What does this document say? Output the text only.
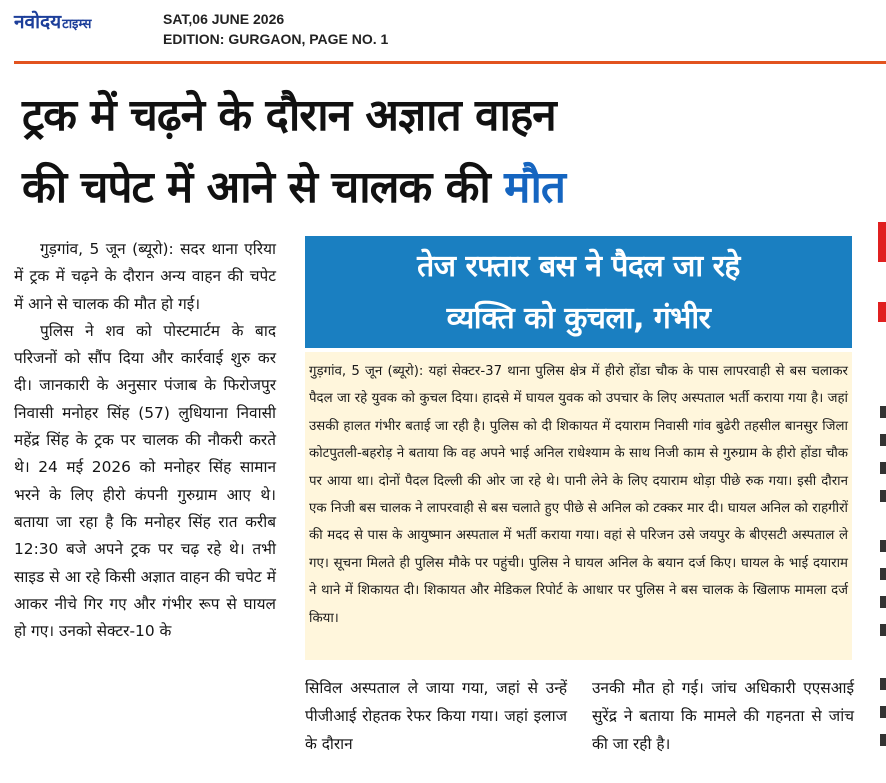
नवोदयटाइम्स	SAT,06 JUNE 2026
EDITION: GURGAON, PAGE NO. 1
ट्रक में चढ़ने के दौरान अज्ञात वाहन
की चपेट में आने से चालक की मौत

गुड़गांव, 5 जून (ब्यूरो): सदर थाना एरिया में ट्रक में चढ़ने के दौरान अन्य वाहन की चपेट में आने से चालक की मौत हो गई।

पुलिस ने शव को पोस्टमार्टम के बाद परिजनों को सौंप दिया और कार्रवाई शुरु कर दी। जानकारी के अनुसार पंजाब के फिरोजपुर निवासी मनोहर सिंह (57) लुधियाना निवासी महेंद्र सिंह के ट्रक पर चालक की नौकरी करते थे। 24 मई 2026 को मनोहर सिंह सामान भरने के लिए हीरो कंपनी गुरुग्राम आए थे। बताया जा रहा है कि मनोहर सिंह रात करीब 12:30 बजे अपने ट्रक पर चढ़ रहे थे। तभी साइड से आ रहे किसी अज्ञात वाहन की चपेट में आकर नीचे गिर गए और गंभीर रूप से घायल हो गए। उनको सेक्टर-10 के

तेज रफ्तार बस ने पैदल जा रहे
व्यक्ति को कुचला, गंभीर
गुड़गांव, 5 जून (ब्यूरो): यहां सेक्टर-37 थाना पुलिस क्षेत्र में हीरो होंडा चौक के पास लापरवाही से बस चलाकर पैदल जा रहे युवक को कुचल दिया। हादसे में घायल युवक को उपचार के लिए अस्पताल भर्ती कराया गया है। जहां उसकी हालत गंभीर बताई जा रही है। पुलिस को दी शिकायत में दयाराम निवासी गांव बुढेरी तहसील बानसुर जिला कोटपुतली-बहरोड़ ने बताया कि वह अपने भाई अनिल राधेश्याम के साथ निजी काम से गुरुग्राम के हीरो होंडा चौक पर आया था। दोनों पैदल दिल्ली की ओर जा रहे थे। पानी लेने के लिए दयाराम थोड़ा पीछे रुक गया। इसी दौरान एक निजी बस चालक ने लापरवाही से बस चलाते हुए पीछे से अनिल को टक्कर मार दी। घायल अनिल को राहगीरों की मदद से पास के आयुष्मान अस्पताल में भर्ती कराया गया। वहां से परिजन उसे जयपुर के बीएसटी अस्पताल ले गए। सूचना मिलते ही पुलिस मौके पर पहुंची। पुलिस ने घायल अनिल के बयान दर्ज किए। घायल के भाई दयाराम ने थाने में शिकायत दी। शिकायत और मेडिकल रिपोर्ट के आधार पर पुलिस ने बस चालक के खिलाफ मामला दर्ज किया।
सिविल अस्पताल ले जाया गया, जहां से उन्हें पीजीआई रोहतक रेफर किया गया। जहां इलाज के दौरान
उनकी मौत हो गई। जांच अधिकारी एएसआई सुरेंद्र ने बताया कि मामले की गहनता से जांच की जा रही है।
